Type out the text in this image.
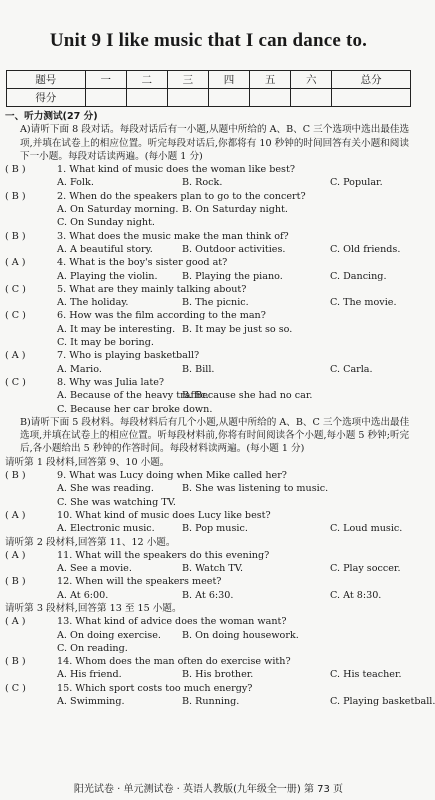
Unit 9 I like music that I can dance to.
题号	一	二	三	四	五	六	总分
得分							
一、听力测试(27 分)
A)请听下面 8 段对话。每段对话后有一小题,从题中所给的 A、B、C 三个选项中选出最佳选项,并填在试卷上的相应位置。听完每段对话后,你都将有 10 秒钟的时间回答有关小题和阅读下一小题。每段对话读两遍。(每小题 1 分)
( B )	1. What kind of music does the woman like best?
A. Folk.	B. Rock.	C. Popular.
( B )	2. When do the speakers plan to go to the concert?
A. On Saturday morning. B. On Saturday night.
C. On Sunday night.
( B )	3. What does the music make the man think of?
A. A beautiful story.	B. Outdoor activities.	C. Old friends.
( A )	4. What is the boy's sister good at?
A. Playing the violin.	B. Playing the piano.	C. Dancing.
( C )	5. What are they mainly talking about?
A. The holiday.	B. The picnic.	C. The movie.
( C )	6. How was the film according to the man?
A. It may be interesting. B. It may be just so so.
C. It may be boring.
( A )	7. Who is playing basketball?
A. Mario.	B. Bill.	C. Carla.
( C )	8. Why was Julia late?
A. Because of the heavy traffic.
B. Because she had no car.
C. Because her car broke down.
B)请听下面 5 段材料。每段材料后有几个小题,从题中所给的 A、B、C 三个选项中选出最佳选项,并填在试卷上的相应位置。听每段材料前,你将有时间阅读各个小题,每小题 5 秒钟;听完后,各小题给出 5 秒钟的作答时间。每段材料读两遍。(每小题 1 分)
请听第 1 段材料,回答第 9、10 小题。
( B )	9. What was Lucy doing when Mike called her?
A. She was reading.	B. She was listening to music.
C. She was watching TV.
( A )	10. What kind of music does Lucy like best?
A. Electronic music.	B. Pop music.	C. Loud music.
请听第 2 段材料,回答第 11、12 小题。
( A )	11. What will the speakers do this evening?
A. See a movie.	B. Watch TV.	C. Play soccer.
( B )	12. When will the speakers meet?
A. At 6:00.	B. At 6:30.	C. At 8:30.
请听第 3 段材料,回答第 13 至 15 小题。
( A )	13. What kind of advice does the woman want?
A. On doing exercise.	B. On doing housework.
C. On reading.
( B )	14. Whom does the man often do exercise with?
A. His friend.	B. His brother.	C. His teacher.
( C )	15. Which sport costs too much energy?
A. Swimming.	B. Running.	C. Playing basketball.
阳光试卷 · 单元测试卷 · 英语人教版(九年级全一册) 第 73 页
